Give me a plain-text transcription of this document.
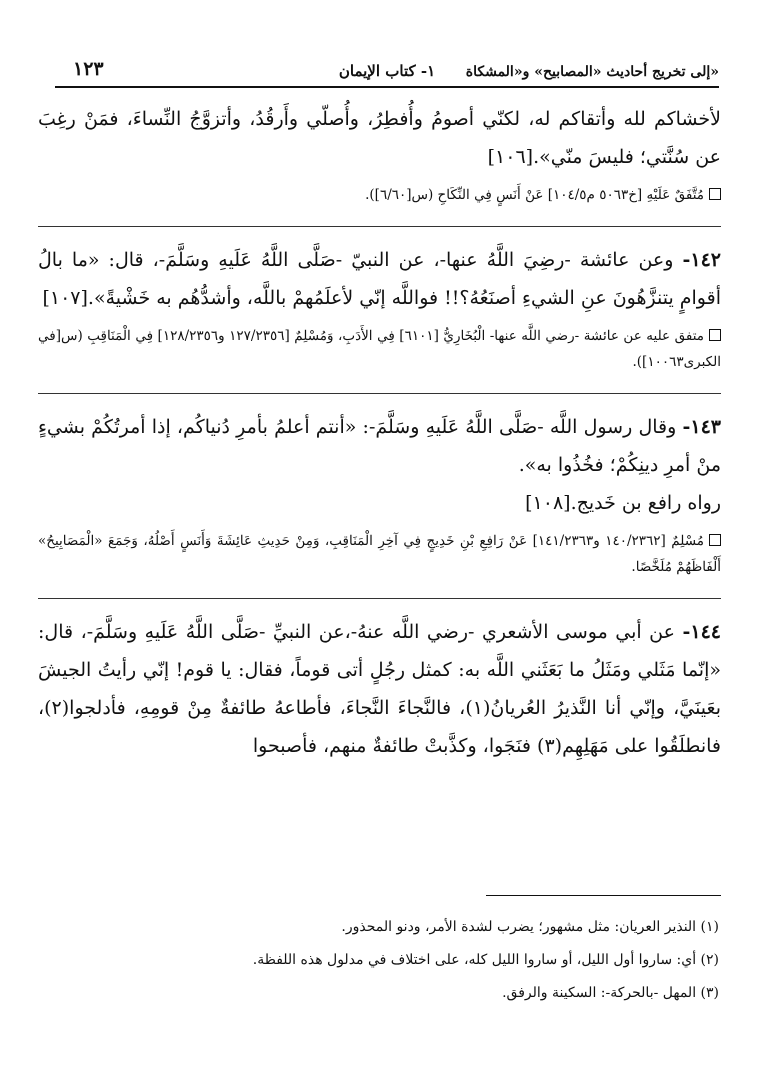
إلى تخريج أحاديث «المصابيح» و«المشكاة»
١- كتاب الإيمان
١٢٣

لأخشاكم لله وأتقاكم له، لكنّي أصومُ وأُفطِرُ، وأُصلّي وأَرقُدُ، وأتزوَّجُ النِّساءَ، فمَنْ رغِبَ عن سُنَّتي؛ فليسَ منّي».[١٠٦]

مُتَّفَقٌ عَلَيْهِ [خ٥٠٦٣ م١٠٤/٥] عَنْ أَنَسٍ فِي النِّكَاحِ (س[٦/٦٠]).

١٤٢- وعن عائشة -رضِيَ اللَّهُ عنها-، عن النبيّ -صَلَّى اللَّهُ عَلَيهِ وسَلَّمَ-، قال: «ما بالُ أقوامٍ يتنزَّهُونَ عنِ الشيءِ أصنَعُهُ؟!! فواللَّه إنّي لأعلَمُهمْ باللَّه، وأشدُّهُم به خَشْيةً».[١٠٧]

متفق عليه عن عائشة -رضي اللَّه عنها- الْبُخَارِيُّ [٦١٠١] فِي الأَدَبِ، وَمُسْلِمٌ [١٢٧/٢٣٥٦ و١٢٨/٢٣٥٦] فِي الْمَنَاقِبِ (س[في الكبرى١٠٠٦٣]).

١٤٣- وقال رسول اللَّه -صَلَّى اللَّهُ عَلَيهِ وسَلَّمَ-: «أنتم أعلمُ بأمرِ دُنياكُم، إذا أمرتُكُمْ بشيءٍ منْ أمرِ دينِكُمْ؛ فخُذُوا به».

رواه رافع بن خَديج.[١٠٨]

مُسْلِمٌ [١٤٠/٢٣٦٢ و١٤١/٢٣٦٣] عَنْ رَافِعِ بْنِ خَدِيجٍ فِي آخِرِ الْمَنَاقِبِ، وَمِنْ حَدِيثِ عَائِشَةَ وَأَنَسٍ أَصْلُهُ، وَجَمَعَ «الْمَصَابِيحُ» أَلْفَاظَهُمْ مُلَخَّصًا.

١٤٤- عن أبي موسى الأشعري -رضي اللَّه عنهُ-،عن النبيِّ -صَلَّى اللَّهُ عَلَيهِ وسَلَّمَ-، قال: «إنّما مَثَلي ومَثَلُ ما بَعَثَني اللَّه به: كمثل رجُلٍ أتى قوماً، فقال: يا قوم! إنّي رأيتُ الجيشَ بعَينَيَّ، وإنّي أنا النَّذيرُ العُريانُ(١)، فالنَّجاءَ النَّجاءَ، فأطاعهُ طائفةٌ مِنْ قومِهِ، فأدلجوا(٢)، فانطلَقُوا على مَهَلِهِم(٣) فنَجَوا، وكذَّبتْ طائفةٌ منهم، فأصبحوا

(١) النذير العريان: مثل مشهور؛ يضرب لشدة الأمر، ودنو المحذور.

(٢) أي: ساروا أول الليل، أو ساروا الليل كله، على اختلاف في مدلول هذه اللفظة.

(٣) المهل -بالحركة-: السكينة والرفق.
